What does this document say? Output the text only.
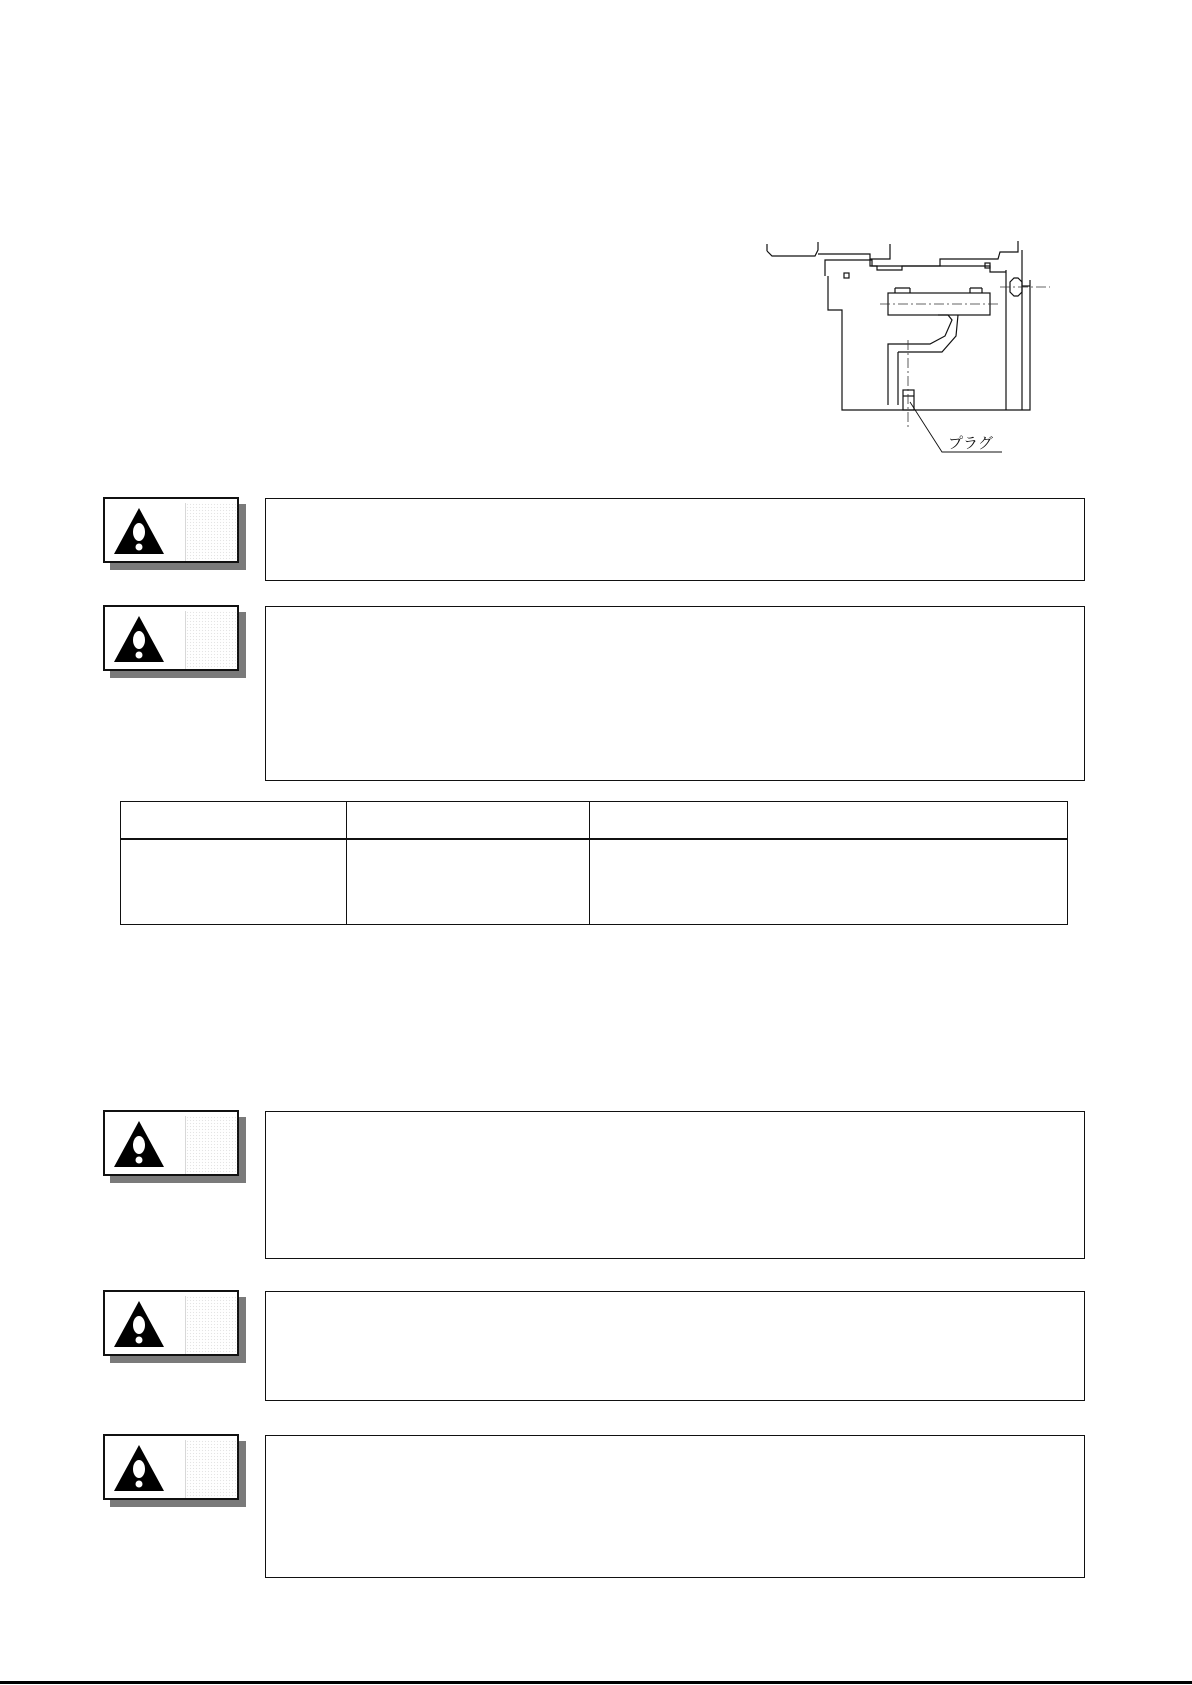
プラグ
